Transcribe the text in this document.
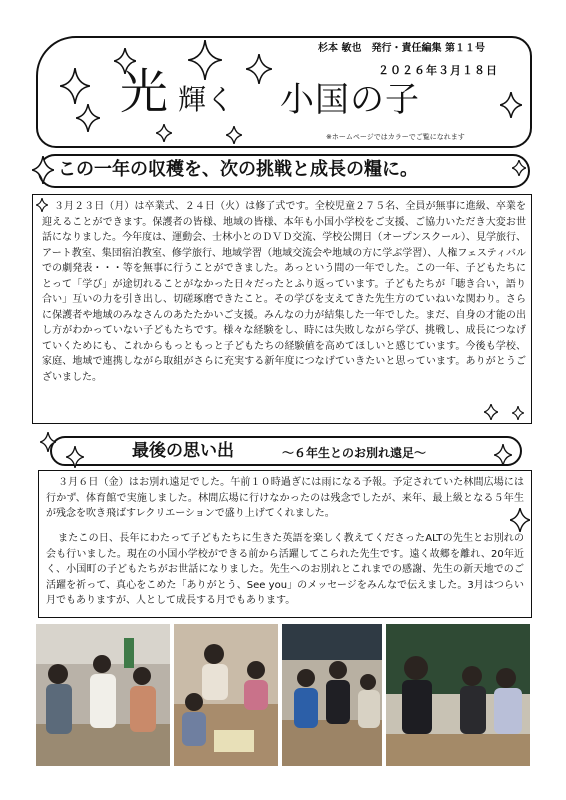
光 輝く 小国の子
杉本 敏也　発行・責任編集 第１１号
２０２６年３月１８日
※ホームページではカラーでご覧になれます
この一年の収穫を、次の挑戦と成長の糧に。
３月２３日（月）は卒業式、２４日（火）は修了式です。全校児童２７５名、全員が無事に進級、卒業を迎えることができます。保護者の皆様、地域の皆様、本年も小国小学校をご支援、ご協力いただき大変お世話になりました。今年度は、運動会、士林小とのＤＶＤ交流、学校公開日（オープンスクール）、見学旅行、アート教室、集団宿泊教室、修学旅行、地域学習（地域交流会や地域の方に学ぶ学習）、人権フェスティバルでの劇発表・・・等を無事に行うことができました。あっという間の一年でした。この一年、子どもたちにとって「学び」が途切れることがなかった日々だったとふり返っています。子どもたちが「聴き合い，語り合い」互いの力を引き出し、切磋琢磨できたこと。その学びを支えてきた先生方のていねいな関わり。さらに保護者や地域のみなさんのあたたかいご支援。みんなの力が結集した一年でした。まだ、自身の才能の出し方がわかっていない子どもたちです。様々な経験をし、時には失敗しながら学び、挑戦し、成長につなげていくためにも、これからもっともっと子どもたちの経験値を高めてほしいと感じています。今後も学校、家庭、地域で連携しながら取組がさらに充実する新年度につなげていきたいと思っています。ありがとうございました。
最後の思い出	～６年生とのお別れ遠足～
３月６日（金）はお別れ遠足でした。午前１０時過ぎには雨になる予報。予定されていた林間広場には行かず、体育館で実施しました。林間広場に行けなかったのは残念でしたが、来年、最上級となる５年生が残念を吹き飛ばすレクリエーションで盛り上げてくれました。
またこの日、長年にわたって子どもたちに生きた英語を楽しく教えてくださったALTの先生とお別れの会も行いました。現在の小国小学校ができる前から活躍してこられた先生です。遠く故郷を離れ、20年近く、小国町の子どもたちがお世話になりました。先生へのお別れとこれまでの感謝、先生の新天地でのご活躍を祈って、真心をこめた「ありがとう、See you」のメッセージをみんなで伝えました。3月はつらい月でもありますが、人として成長する月でもあります。
